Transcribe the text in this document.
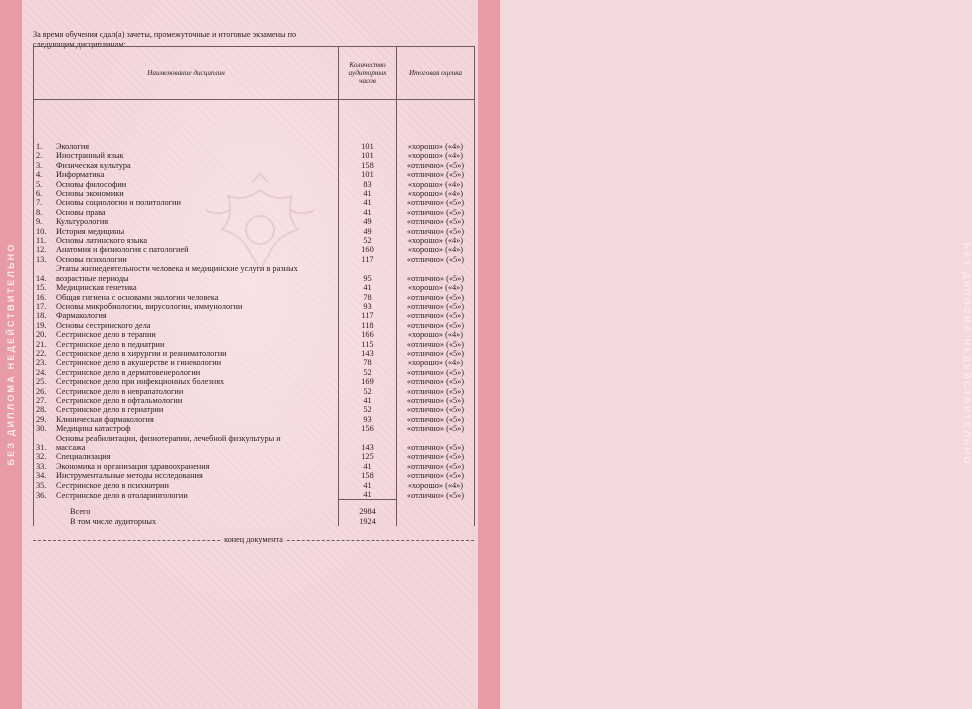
БЕЗ ДИПЛОМА НЕДЕЙСТВИТЕЛЬНО	БЕЗ ДИПЛОМА НЕДЕЙСТВИТЕЛЬНО
За время обучения сдал(а) зачеты, промежуточные и итоговые экзамены по следующим дисциплинам:
Наименование дисциплин	Количество аудиторных часов	Итоговая оценка

1. Экология	101	«хорошо» («4»)
2. Иностранный язык	101	«хорошо» («4»)
3. Физическая культура	158	«отлично» («5»)
4. Информатика	101	«отлично» («5»)
5. Основы философии	83	«хорошо» («4»)
6. Основы экономики	41	«хорошо» («4»)
7. Основы социологии и политологии	41	«отлично» («5»)
8. Основы права	41	«отлично» («5»)
9. Культурология	49	«отлично» («5»)
10. История медицины	49	«отлично» («5»)
11. Основы латинского языка	52	«хорошо» («4»)
12. Анатомия и физиология с патологией	160	«хорошо» («4»)
13. Основы психологии	117	«отлично» («5»)
14.Этапы жизнедеятельности человека и медицинские услуги в разных возрастные периоды	95	«отлично» («5»)
15. Медицинская генетика	41	«хорошо» («4»)
16. Общая гигиена с основами экологии человека	78	«отлично» («5»)
17. Основы микробиологии, вирусологии, иммунологии	93	«отлично» («5»)
18. Фармакология	117	«отлично» («5»)
19. Основы сестринского дела	118	«отлично» («5»)
20. Сестринское дело в терапии	166	«хорошо» («4»)
21. Сестринское дело в педиатрии	115	«отлично» («5»)
22. Сестринское дело в хирургии и реаниматологии	143	«отлично» («5»)
23. Сестринское дело в акушерстве и гинекологии	78	«хорошо» («4»)
24. Сестринское дело в дерматовенерологии	52	«отлично» («5»)
25. Сестринское дело при инфекционных болезнях	169	«отлично» («5»)
26. Сестринское дело в неврапатологии	52	«отлично» («5»)
27. Сестринское дело в офтальмологии	41	«отлично» («5»)
28. Сестринское дело в гериатрии	52	«отлично» («5»)
29. Клиническая фармакология	93	«отлично» («5»)
30. Медицина катастроф	156	«отлично» («5»)
31.Основы реабилитации, физиотерапии, лечебной физкультуры и массажа	143	«отлично» («5»)
32. Специализация	125	«отлично» («5»)
33. Экономика и организация здравоохранения	41	«отлично» («5»)
34. Инструментальные методы исследования	158	«отлично» («5»)
35. Сестринское дело в психиатрии	41	«хорошо» («4»)
36. Сестринское дело в отоларингологии	41	«отлично» («5»)
Всего	2984	
В том числе аудиторных	1924	
конец документа
